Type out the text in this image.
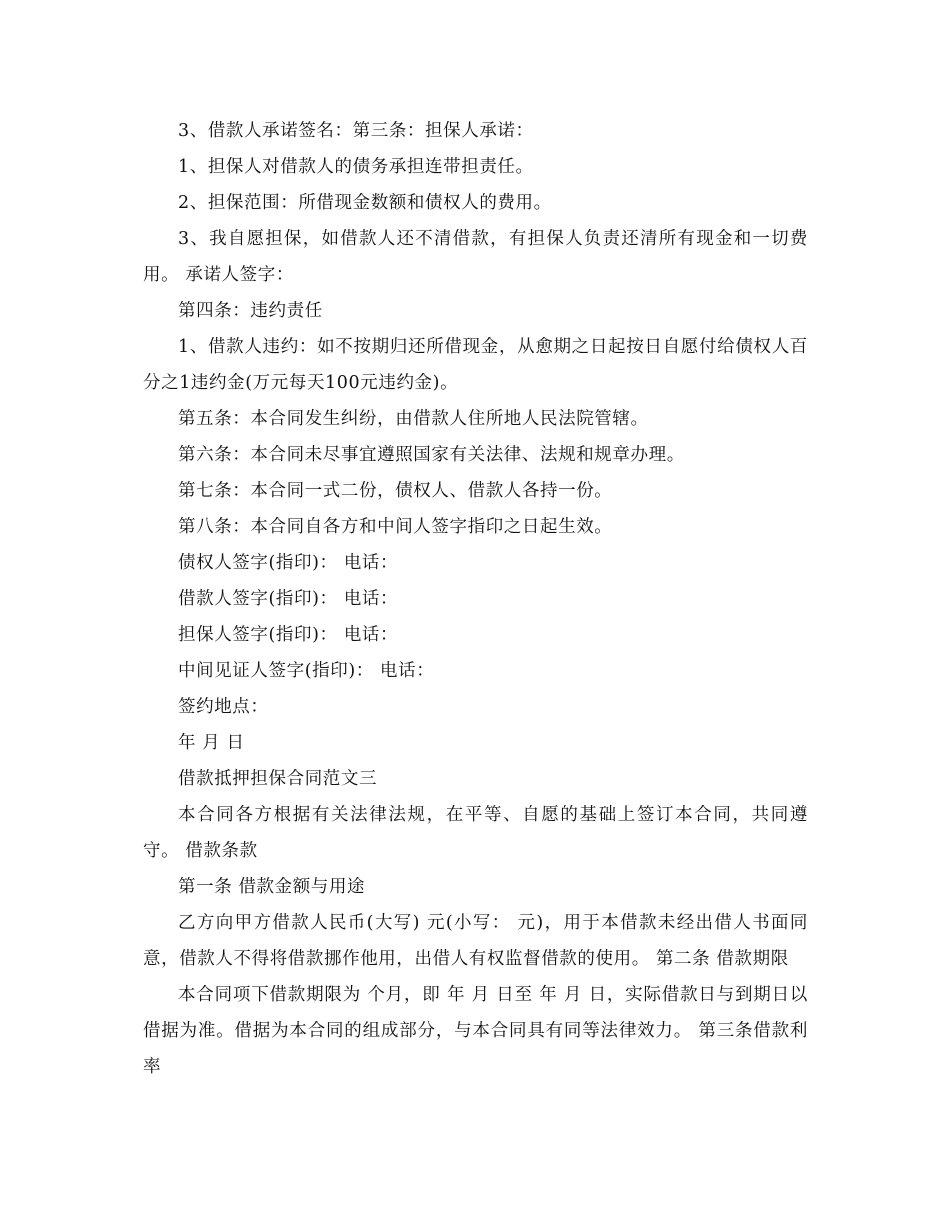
3、借款人承诺签名：第三条：担保人承诺：

1、担保人对借款人的债务承担连带担责任。

2、担保范围：所借现金数额和债权人的费用。

3、我自愿担保，如借款人还不清借款，有担保人负责还清所有现金和一切费用。 承诺人签字：

第四条：违约责任

1、借款人违约：如不按期归还所借现金，从愈期之日起按日自愿付给债权人百分之1违约金(万元每天100元违约金)。

第五条：本合同发生纠纷，由借款人住所地人民法院管辖。

第六条：本合同未尽事宜遵照国家有关法律、法规和规章办理。

第七条：本合同一式二份，债权人、借款人各持一份。

第八条：本合同自各方和中间人签字指印之日起生效。

债权人签字(指印)： 电话：

借款人签字(指印)： 电话：

担保人签字(指印)： 电话：

中间见证人签字(指印)： 电话：

签约地点：

年 月 日

借款抵押担保合同范文三

本合同各方根据有关法律法规，在平等、自愿的基础上签订本合同，共同遵守。 借款条款

第一条 借款金额与用途

乙方向甲方借款人民币(大写) 元(小写： 元)，用于本借款未经出借人书面同意，借款人不得将借款挪作他用，出借人有权监督借款的使用。 第二条 借款期限

本合同项下借款期限为 个月，即 年 月 日至 年 月 日，实际借款日与到期日以借据为准。借据为本合同的组成部分，与本合同具有同等法律效力。 第三条借款利率
